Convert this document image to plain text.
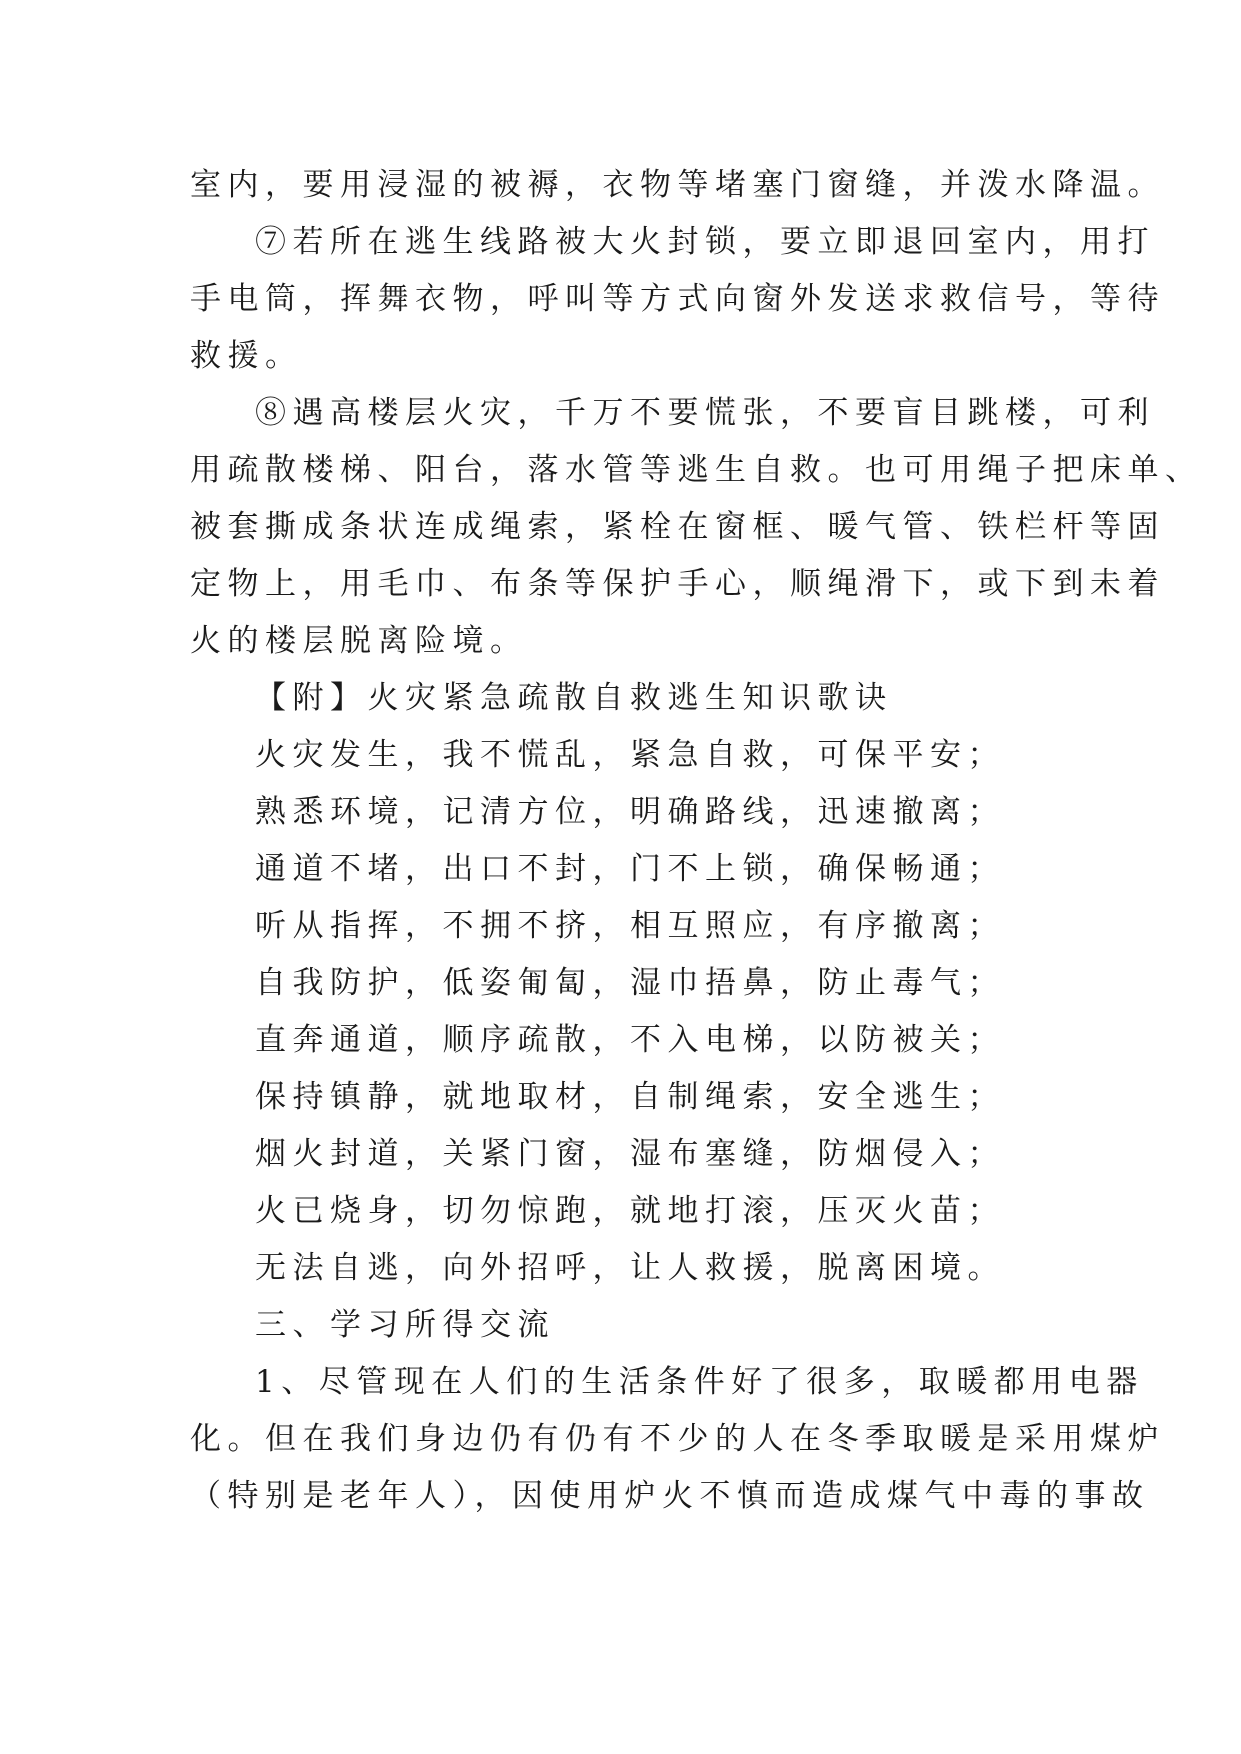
室内，要用浸湿的被褥，衣物等堵塞门窗缝，并泼水降温。
⑦若所在逃生线路被大火封锁，要立即退回室内，用打
手电筒，挥舞衣物，呼叫等方式向窗外发送求救信号，等待
救援。
⑧遇高楼层火灾，千万不要慌张，不要盲目跳楼，可利
用疏散楼梯、阳台，落水管等逃生自救。也可用绳子把床单、
被套撕成条状连成绳索，紧栓在窗框、暖气管、铁栏杆等固
定物上，用毛巾、布条等保护手心，顺绳滑下，或下到未着
火的楼层脱离险境。
【附】火灾紧急疏散自救逃生知识歌诀
火灾发生，我不慌乱，紧急自救，可保平安；
熟悉环境，记清方位，明确路线，迅速撤离；
通道不堵，出口不封，门不上锁，确保畅通；
听从指挥，不拥不挤，相互照应，有序撤离；
自我防护，低姿匍匐，湿巾捂鼻，防止毒气；
直奔通道，顺序疏散，不入电梯，以防被关；
保持镇静，就地取材，自制绳索，安全逃生；
烟火封道，关紧门窗，湿布塞缝，防烟侵入；
火已烧身，切勿惊跑，就地打滚，压灭火苗；
无法自逃，向外招呼，让人救援，脱离困境。
三、学习所得交流
1、尽管现在人们的生活条件好了很多，取暖都用电器
化。但在我们身边仍有仍有不少的人在冬季取暖是采用煤炉
（特别是老年人），因使用炉火不慎而造成煤气中毒的事故
